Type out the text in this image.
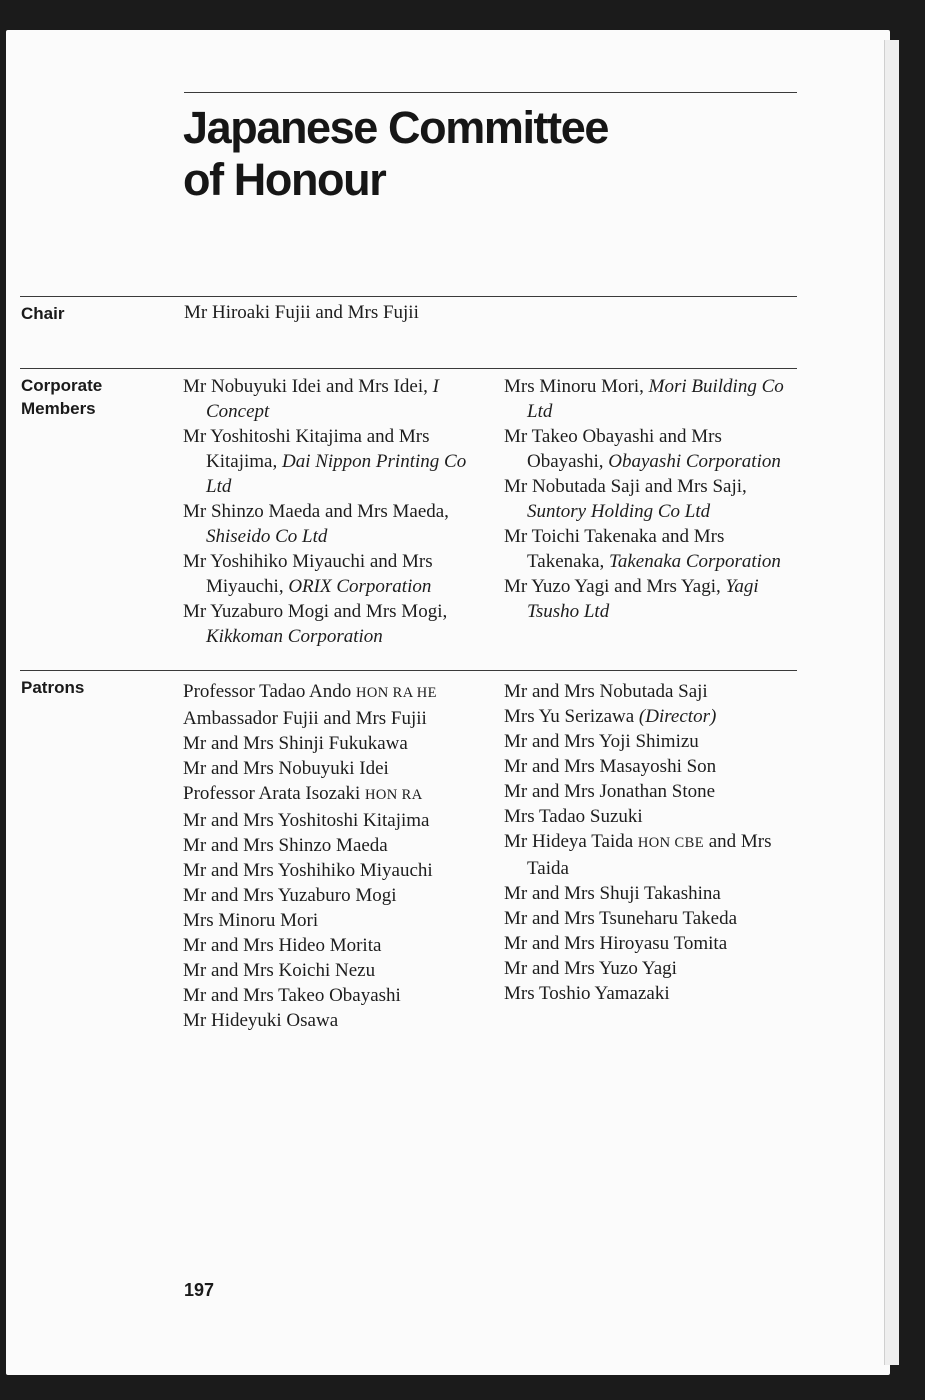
Japanese Committee
of Honour
Chair	Mr Hiroaki Fujii and Mrs Fujii
Corporate
Members
Mr Nobuyuki Idei and Mrs Idei, I Concept
Mr Yoshitoshi Kitajima and Mrs Kitajima, Dai Nippon Printing Co Ltd
Mr Shinzo Maeda and Mrs Maeda, Shiseido Co Ltd
Mr Yoshihiko Miyauchi and Mrs Miyauchi, ORIX Corporation
Mr Yuzaburo Mogi and Mrs Mogi, Kikkoman Corporation
Mrs Minoru Mori, Mori Building Co Ltd
Mr Takeo Obayashi and Mrs Obayashi, Obayashi Corporation
Mr Nobutada Saji and Mrs Saji, Suntory Holding Co Ltd
Mr Toichi Takenaka and Mrs Takenaka, Takenaka Corporation
Mr Yuzo Yagi and Mrs Yagi, Yagi Tsusho Ltd
Patrons	Professor Tadao Ando HON RA HE
Ambassador Fujii and Mrs Fujii
Mr and Mrs Shinji Fukukawa
Mr and Mrs Nobuyuki Idei
Professor Arata Isozaki HON RA
Mr and Mrs Yoshitoshi Kitajima
Mr and Mrs Shinzo Maeda
Mr and Mrs Yoshihiko Miyauchi
Mr and Mrs Yuzaburo Mogi
Mrs Minoru Mori
Mr and Mrs Hideo Morita
Mr and Mrs Koichi Nezu
Mr and Mrs Takeo Obayashi
Mr Hideyuki Osawa
Mr and Mrs Nobutada Saji
Mrs Yu Serizawa (Director)
Mr and Mrs Yoji Shimizu
Mr and Mrs Masayoshi Son
Mr and Mrs Jonathan Stone
Mrs Tadao Suzuki
Mr Hideya Taida HON CBE and Mrs Taida
Mr and Mrs Shuji Takashina
Mr and Mrs Tsuneharu Takeda
Mr and Mrs Hiroyasu Tomita
Mr and Mrs Yuzo Yagi
Mrs Toshio Yamazaki
197
